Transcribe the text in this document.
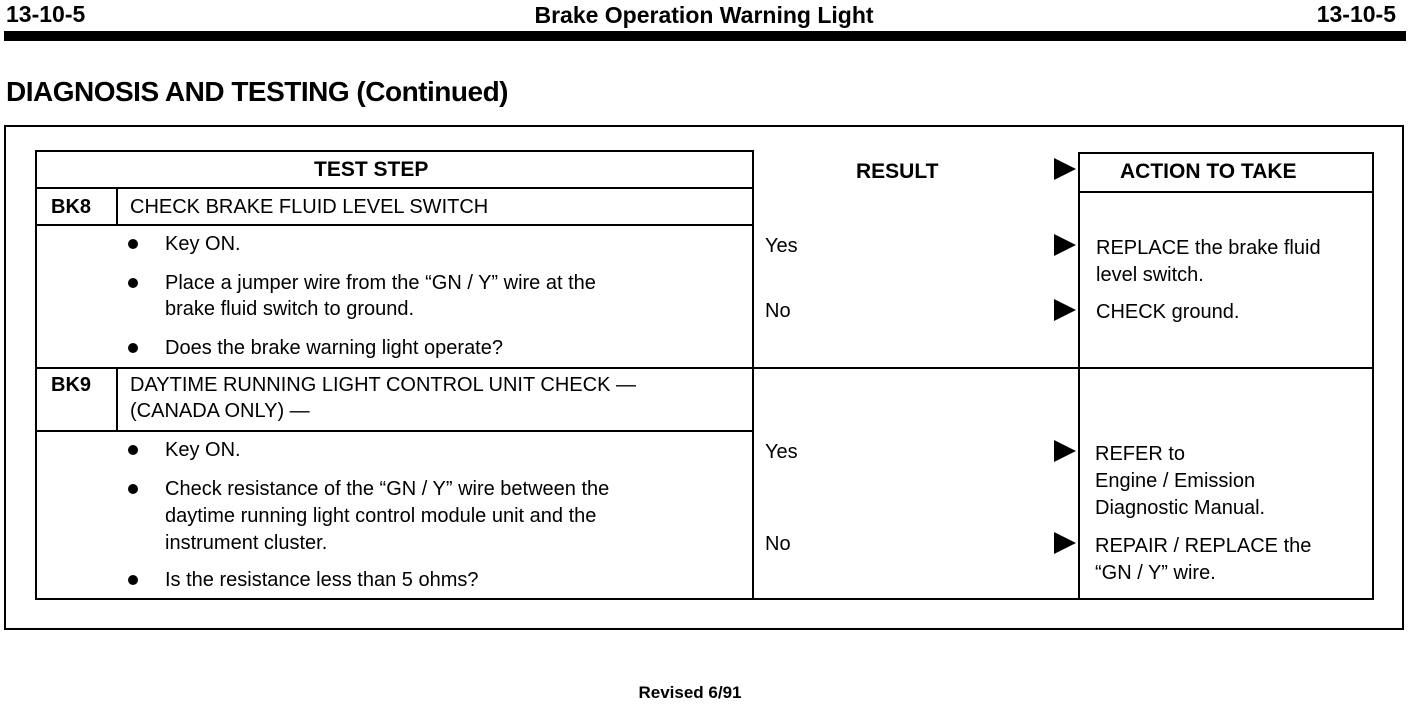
13-10-5	Brake Operation Warning Light	13-10-5
DIAGNOSIS AND TESTING (Continued)
TEST STEP	RESULT	ACTION TO TAKE
BK8 CHECK BRAKE FLUID LEVEL SWITCH
Key ON.
Place a jumper wire from the “GN / Y” wire at the
brake fluid switch to ground.
Does the brake warning light operate?
Yes	REPLACE the brake fluid
level switch.
No	CHECK ground.
BK9 DAYTIME RUNNING LIGHT CONTROL UNIT CHECK —
(CANADA ONLY) —
Key ON.
Check resistance of the “GN / Y” wire between the
daytime running light control module unit and the
instrument cluster.
Is the resistance less than 5 ohms?
Yes	REFER to
Engine / Emission
Diagnostic Manual.
No	REPAIR / REPLACE the
“GN / Y” wire.
Revised 6/91
